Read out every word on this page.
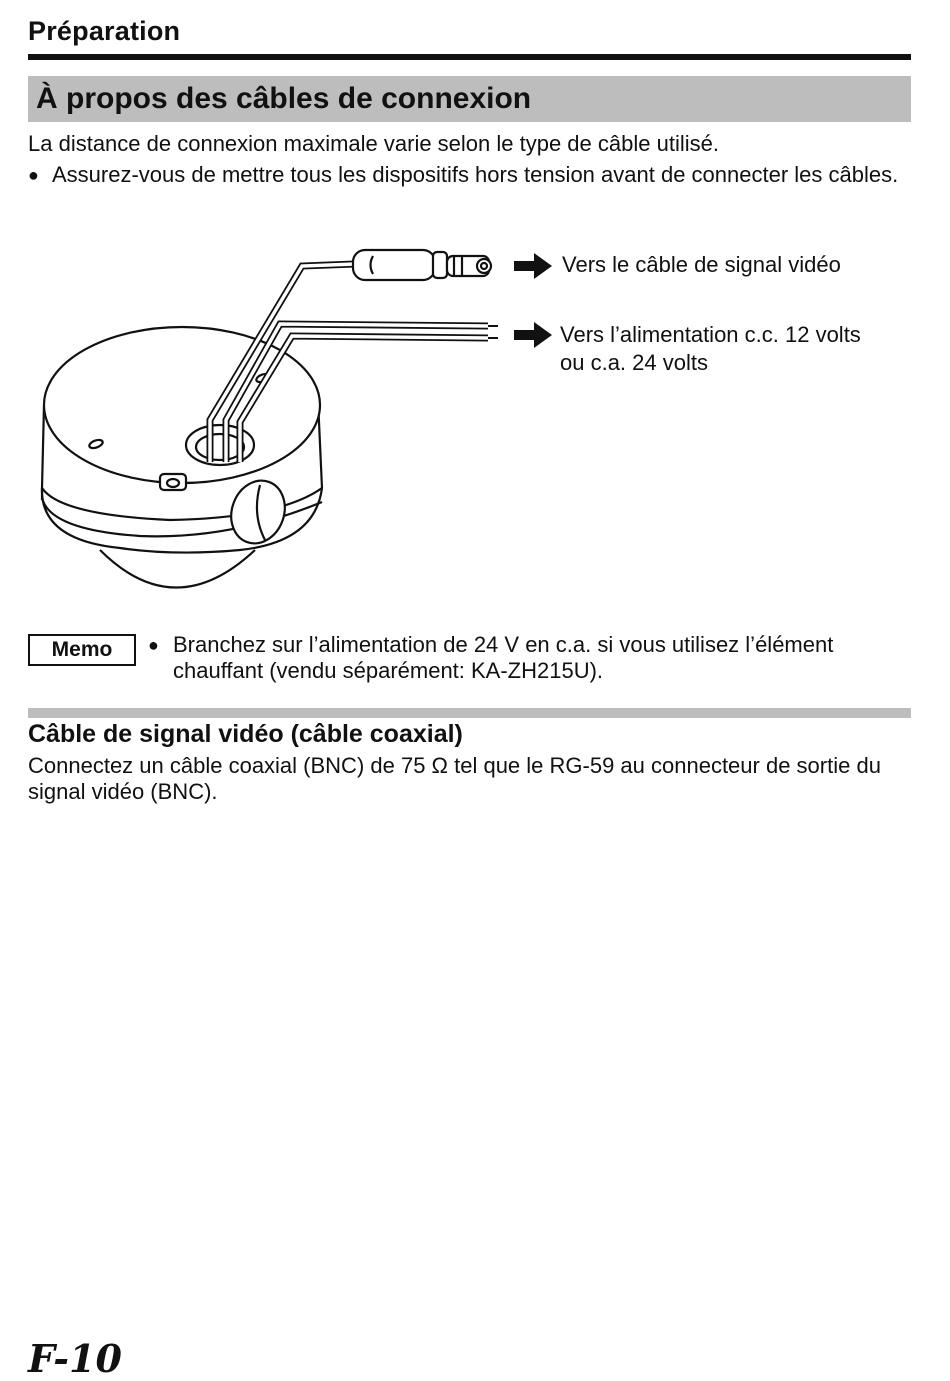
Préparation
À propos des câbles de connexion
La distance de connexion maximale varie selon le type de câble utilisé.
● Assurez-vous de mettre tous les dispositifs hors tension avant de connecter les câbles.
Vers le câble de signal vidéo
Vers l’alimentation c.c. 12 volts
ou c.a. 24 volts
Memo	● Branchez sur l’alimentation de 24 V en c.a. si vous utilisez l’élément chauffant (vendu séparément: KA-ZH215U).
Câble de signal vidéo (câble coaxial)
Connectez un câble coaxial (BNC) de 75 Ω tel que le RG-59 au connecteur de sortie du signal vidéo (BNC).
F-10
